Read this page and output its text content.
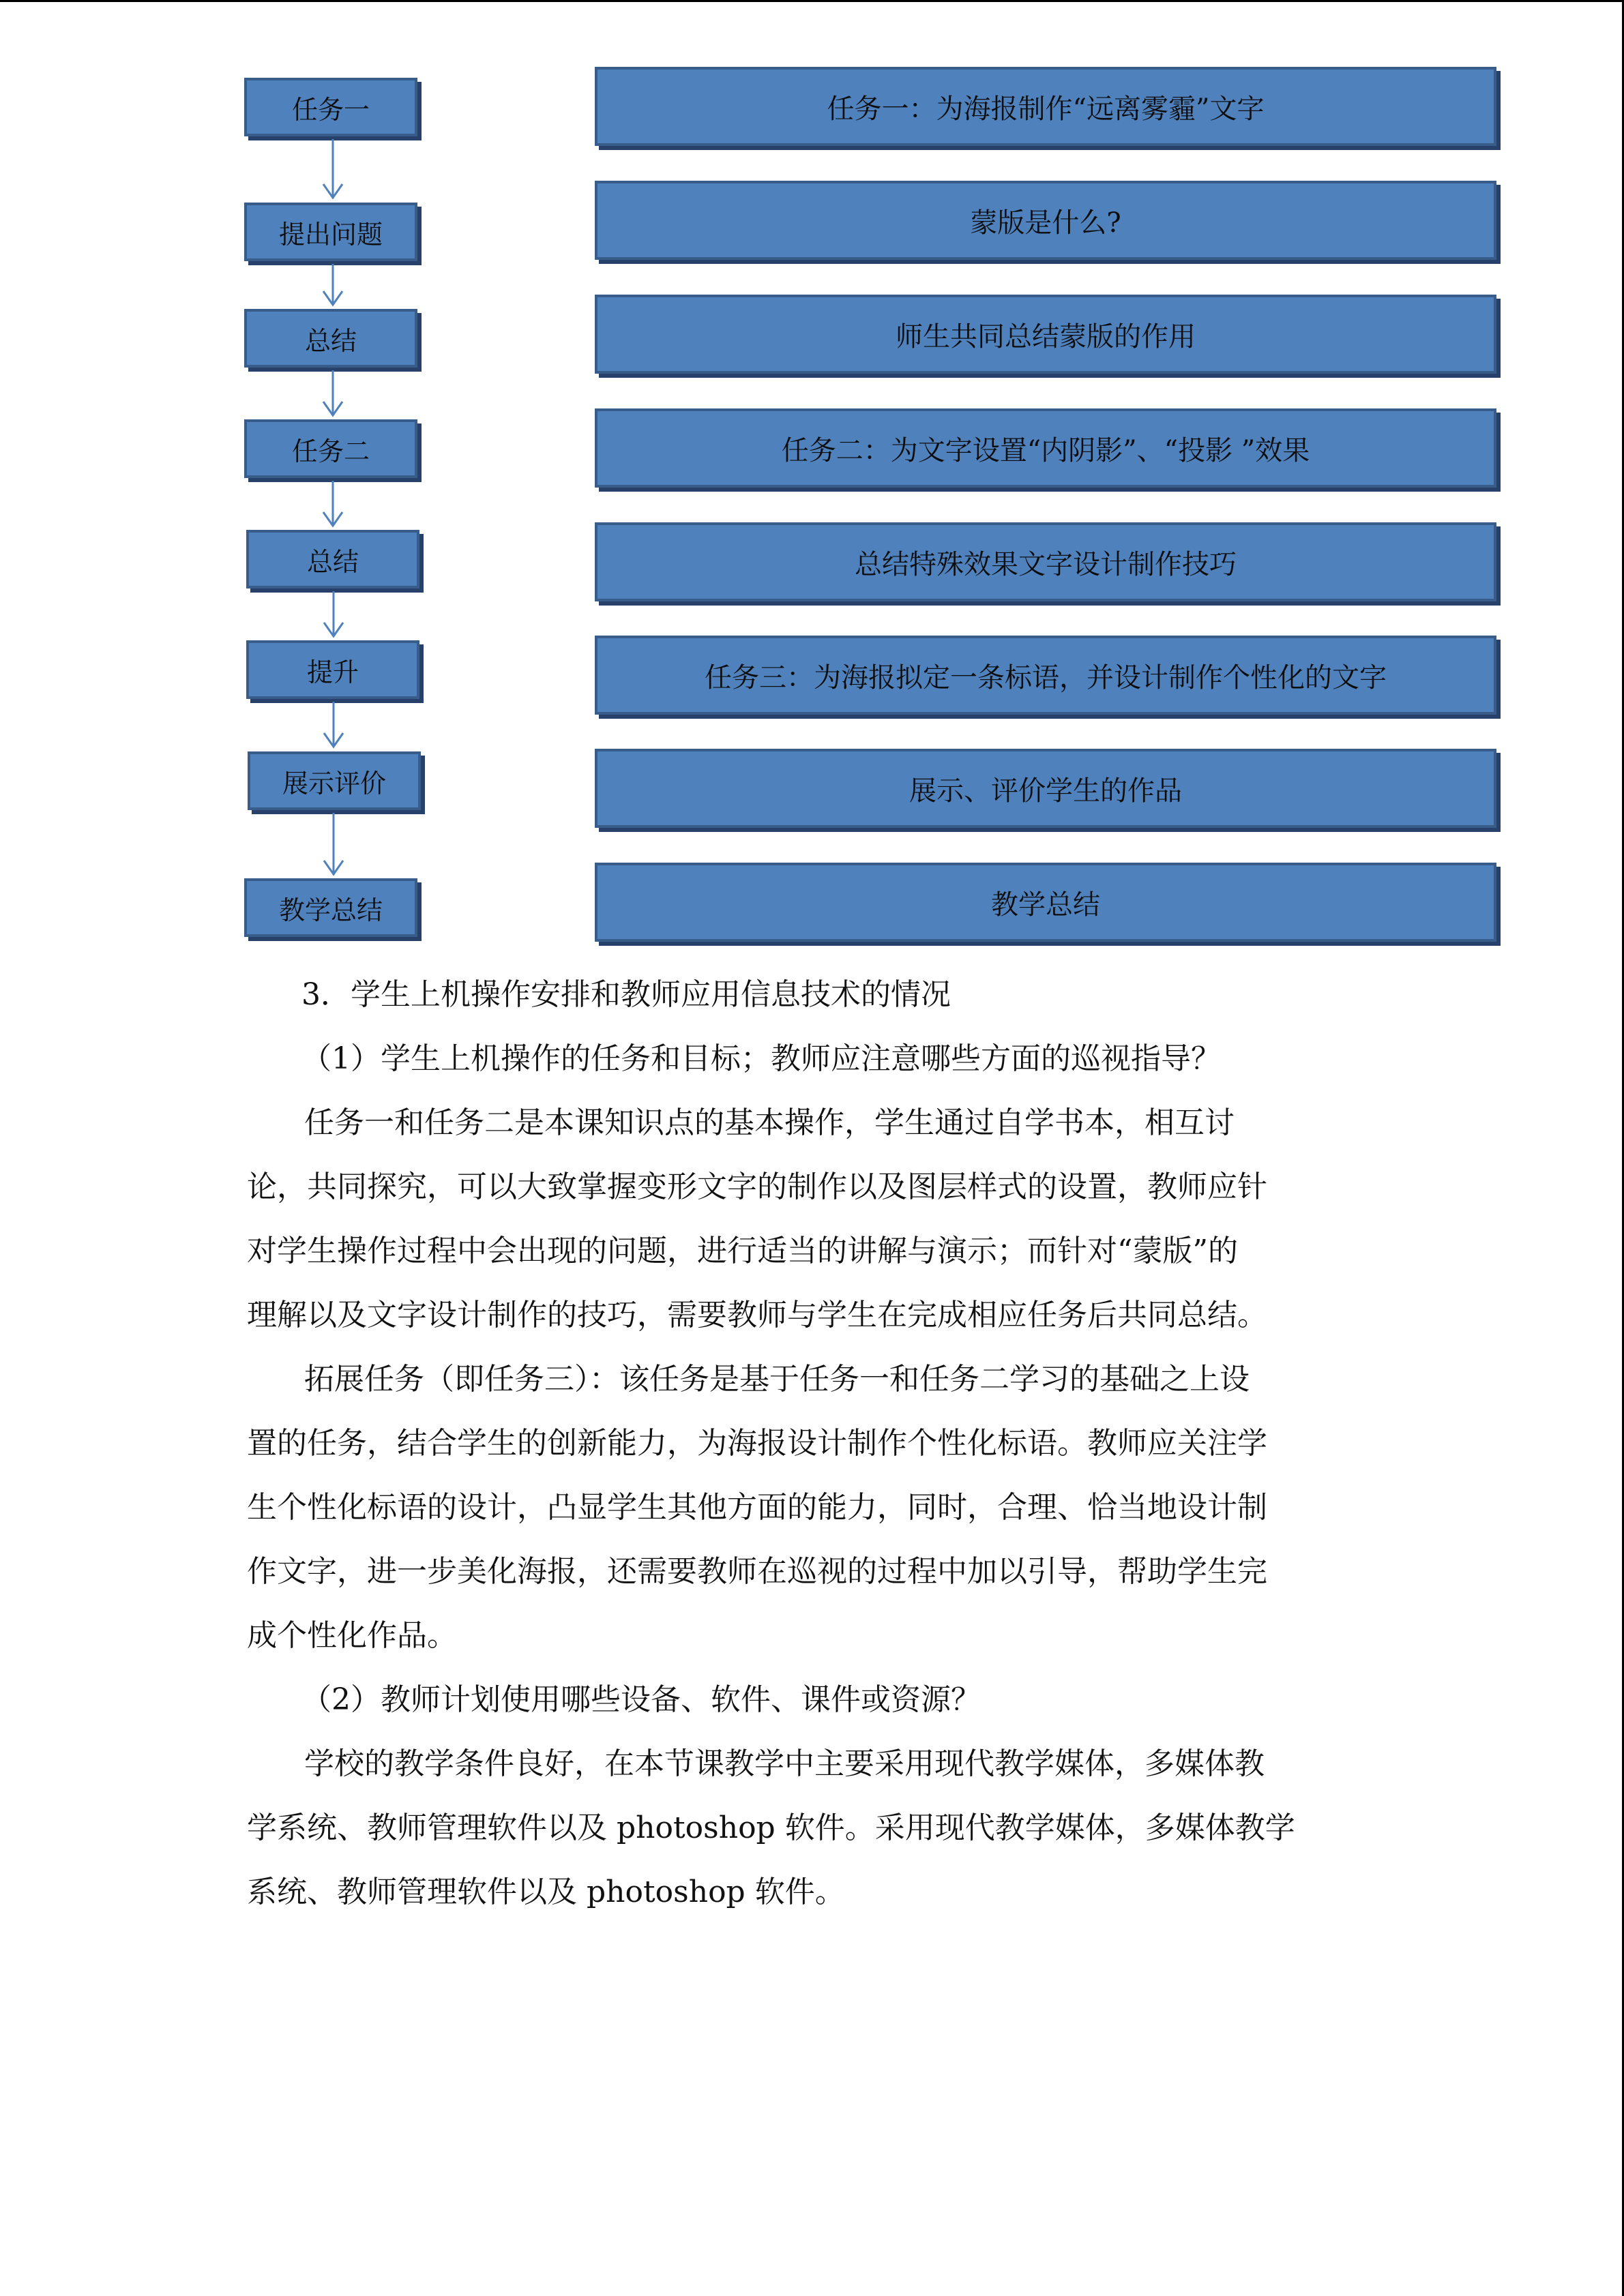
任务一
提出问题
总结
任务二
总结
提升
展示评价
教学总结
任务一：为海报制作“远离雾霾”文字
蒙版是什么?
师生共同总结蒙版的作用
任务二：为文字设置“内阴影”、“投影 ”效果
总结特殊效果文字设计制作技巧
任务三：为海报拟定一条标语，并设计制作个性化的文字
展示、评价学生的作品
教学总结

3．学生上机操作安排和教师应用信息技术的情况

（1）学生上机操作的任务和目标；教师应注意哪些方面的巡视指导？

任务一和任务二是本课知识点的基本操作，学生通过自学书本，相互讨

论，共同探究，可以大致掌握变形文字的制作以及图层样式的设置，教师应针

对学生操作过程中会出现的问题，进行适当的讲解与演示；而针对“蒙版”的

理解以及文字设计制作的技巧，需要教师与学生在完成相应任务后共同总结。

拓展任务（即任务三）：该任务是基于任务一和任务二学习的基础之上设

置的任务，结合学生的创新能力，为海报设计制作个性化标语。教师应关注学

生个性化标语的设计，凸显学生其他方面的能力，同时，合理、恰当地设计制

作文字，进一步美化海报，还需要教师在巡视的过程中加以引导，帮助学生完

成个性化作品。

（2）教师计划使用哪些设备、软件、课件或资源？

学校的教学条件良好，在本节课教学中主要采用现代教学媒体，多媒体教

学系统、教师管理软件以及 photoshop 软件。采用现代教学媒体，多媒体教学

系统、教师管理软件以及 photoshop 软件。
